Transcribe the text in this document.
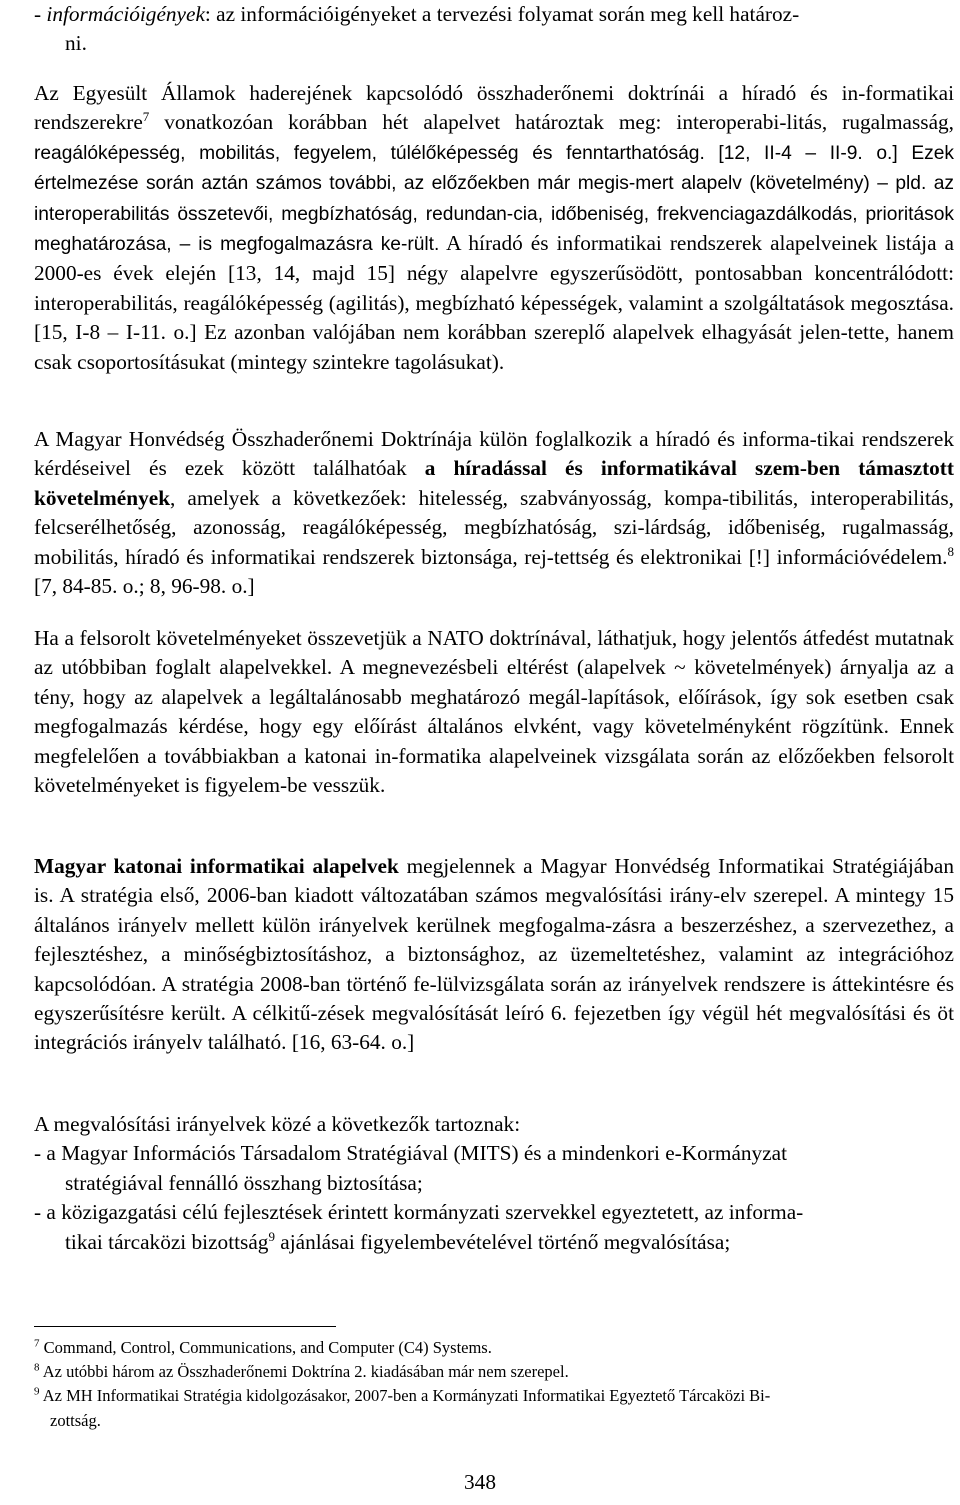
- információigények: az információigényeket a tervezési folyamat során meg kell határoz-
ni.

Az Egyesült Államok haderejének kapcsolódó összhaderőnemi doktrínái a híradó és in-formatikai rendszerekre$^7$ vonatkozóan korábban hét alapelvet határoztak meg: interoperabi-litás, rugalmasság, reagálóképesség, mobilitás, fegyelem, túlélőképesség és fenntarthatóság. [12, II-4 – II-9. o.] Ezek értelmezése során aztán számos további, az előzőekben már megis-mert alapelv (követelmény) – pld. az interoperabilitás összetevői, megbízhatóság, redundan-cia, időbeniség, frekvenciagazdálkodás, prioritások meghatározása, – is megfogalmazásra ke-rült. A híradó és informatikai rendszerek alapelveinek listája a 2000-es évek elején [13, 14, majd 15] négy alapelvre egyszerűsödött, pontosabban koncentrálódott: interoperabilitás, reagálóképesség (agilitás), megbízható képességek, valamint a szolgáltatások megosztása. [15, I-8 – I-11. o.] Ez azonban valójában nem korábban szereplő alapelvek elhagyását jelen-tette, hanem csak csoportosításukat (mintegy szintekre tagolásukat).

A Magyar Honvédség Összhaderőnemi Doktrínája külön foglalkozik a híradó és informa-tikai rendszerek kérdéseivel és ezek között találhatóak a híradással és informatikával szem-ben támasztott követelmények, amelyek a következőek: hitelesség, szabványosság, kompa-tibilitás, interoperabilitás, felcserélhetőség, azonosság, reagálóképesség, megbízhatóság, szi-lárdság, időbeniség, rugalmasság, mobilitás, híradó és informatikai rendszerek biztonsága, rej-tettség és elektronikai [!] információvédelem.$^8$ [7, 84-85. o.; 8, 96-98. o.]

Ha a felsorolt követelményeket összevetjük a NATO doktrínával, láthatjuk, hogy jelentős átfedést mutatnak az utóbbiban foglalt alapelvekkel. A megnevezésbeli eltérést (alapelvek ~ követelmények) árnyalja az a tény, hogy az alapelvek a legáltalánosabb meghatározó megál-lapítások, előírások, így sok esetben csak megfogalmazás kérdése, hogy egy előírást általános elvként, vagy követelményként rögzítünk. Ennek megfelelően a továbbiakban a katonai in-formatika alapelveinek vizsgálata során az előzőekben felsorolt követelményeket is figyelem-be vesszük.

Magyar katonai informatikai alapelvek megjelennek a Magyar Honvédség Informatikai Stratégiájában is. A stratégia első, 2006-ban kiadott változatában számos megvalósítási irány-elv szerepel. A mintegy 15 általános irányelv mellett külön irányelvek kerülnek megfogalma-zásra a beszerzéshez, a szervezethez, a fejlesztéshez, a minőségbiztosításhoz, a biztonsághoz, az üzemeltetéshez, valamint az integrációhoz kapcsolódóan. A stratégia 2008-ban történő fe-lülvizsgálata során az irányelvek rendszere is áttekintésre és egyszerűsítésre került. A célkitű-zések megvalósítását leíró 6. fejezetben így végül hét megvalósítási és öt integrációs irányelv található. [16, 63-64. o.]

A megvalósítási irányelvek közé a következők tartoznak:
- a Magyar Információs Társadalom Stratégiával (MITS) és a mindenkori e-Kormányzat
stratégiával fennálló összhang biztosítása;
- a közigazgatási célú fejlesztések érintett kormányzati szervekkel egyeztetett, az informa-
tikai tárcaközi bizottság$^9$ ajánlásai figyelembevételével történő megvalósítása;

$^7$ Command, Control, Communications, and Computer (C4) Systems.

$^8$ Az utóbbi három az Összhaderőnemi Doktrína 2. kiadásában már nem szerepel.

$^9$ Az MH Informatikai Stratégia kidolgozásakor, 2007-ben a Kormányzati Informatikai Egyeztető Tárcaközi Bi-
zottság.

348
